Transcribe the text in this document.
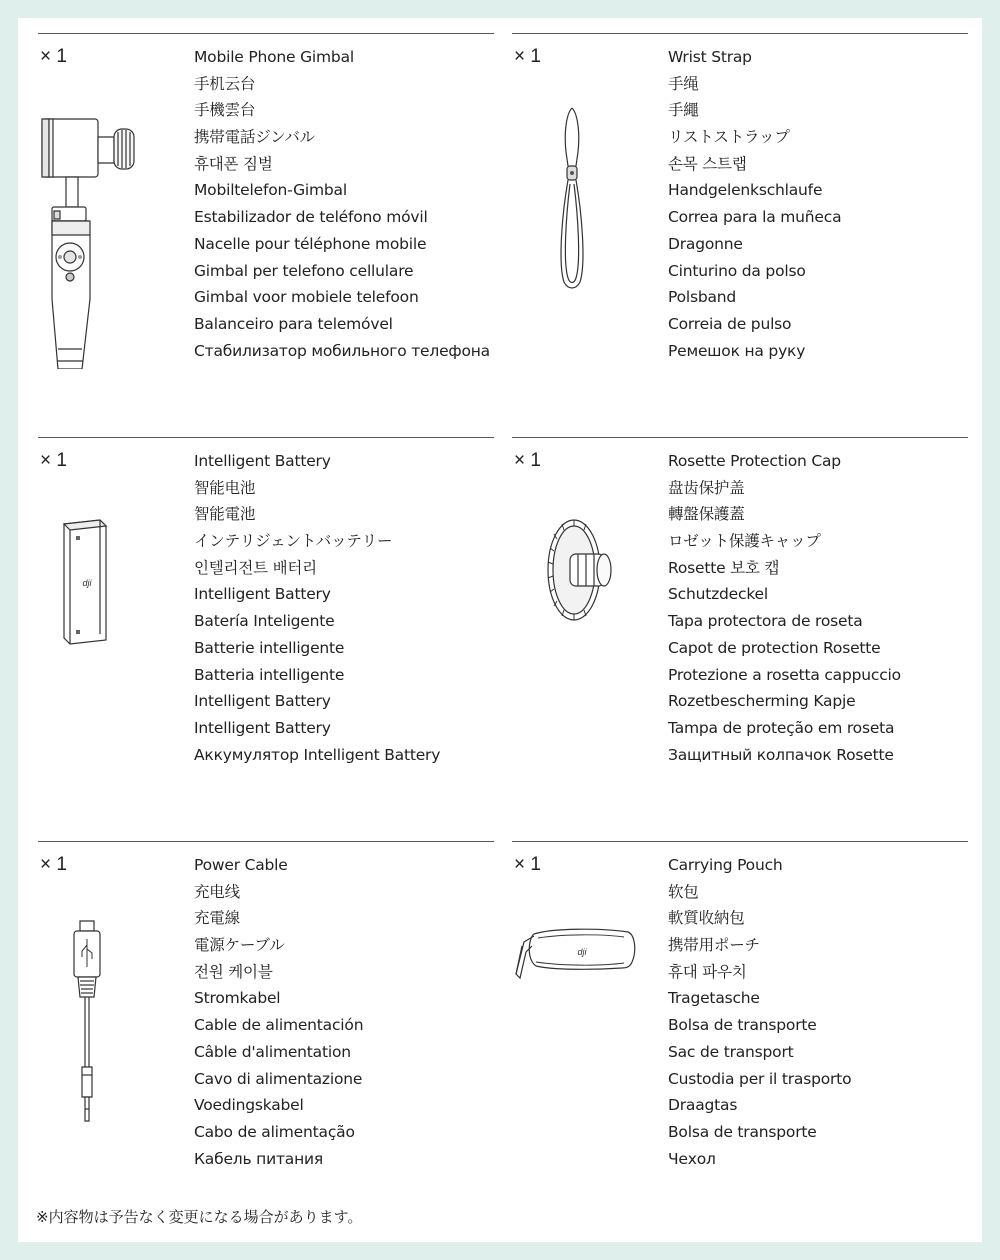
× 1	Mobile Phone Gimbal
手机云台
手機雲台
携帯電話ジンバル
휴대폰 짐벌
Mobiltelefon-Gimbal
Estabilizador de teléfono móvil
Nacelle pour téléphone mobile
Gimbal per telefono cellulare
Gimbal voor mobiele telefoon
Balanceiro para telemóvel
Стабилизатор мобильного телефона
× 1	Wrist Strap
手绳
手繩
リストストラップ
손목 스트랩
Handgelenkschlaufe
Correa para la muñeca
Dragonne
Cinturino da polso
Polsband
Correia de pulso
Ремешок на руку
× 1
dji
Intelligent Battery
智能电池
智能電池
インテリジェントバッテリー
인텔리전트 배터리
Intelligent Battery
Batería Inteligente
Batterie intelligente
Batteria intelligente
Intelligent Battery
Intelligent Battery
Аккумулятор Intelligent Battery
× 1	Rosette Protection Cap
盘齿保护盖
轉盤保護蓋
ロゼット保護キャップ
Rosette 보호 캡
Schutzdeckel
Tapa protectora de roseta
Capot de protection Rosette
Protezione a rosetta cappuccio
Rozetbescherming Kapje
Tampa de proteção em roseta
Защитный колпачок Rosette
× 1	Power Cable
充电线
充電線
電源ケーブル
전원 케이블
Stromkabel
Cable de alimentación
Câble d'alimentation
Cavo di alimentazione
Voedingskabel
Cabo de alimentação
Кабель питания
× 1
dji
Carrying Pouch
软包
軟質收納包
携帯用ポーチ
휴대 파우치
Tragetasche
Bolsa de transporte
Sac de transport
Custodia per il trasporto
Draagtas
Bolsa de transporte
Чехол
※内容物は予告なく変更になる場合があります。
